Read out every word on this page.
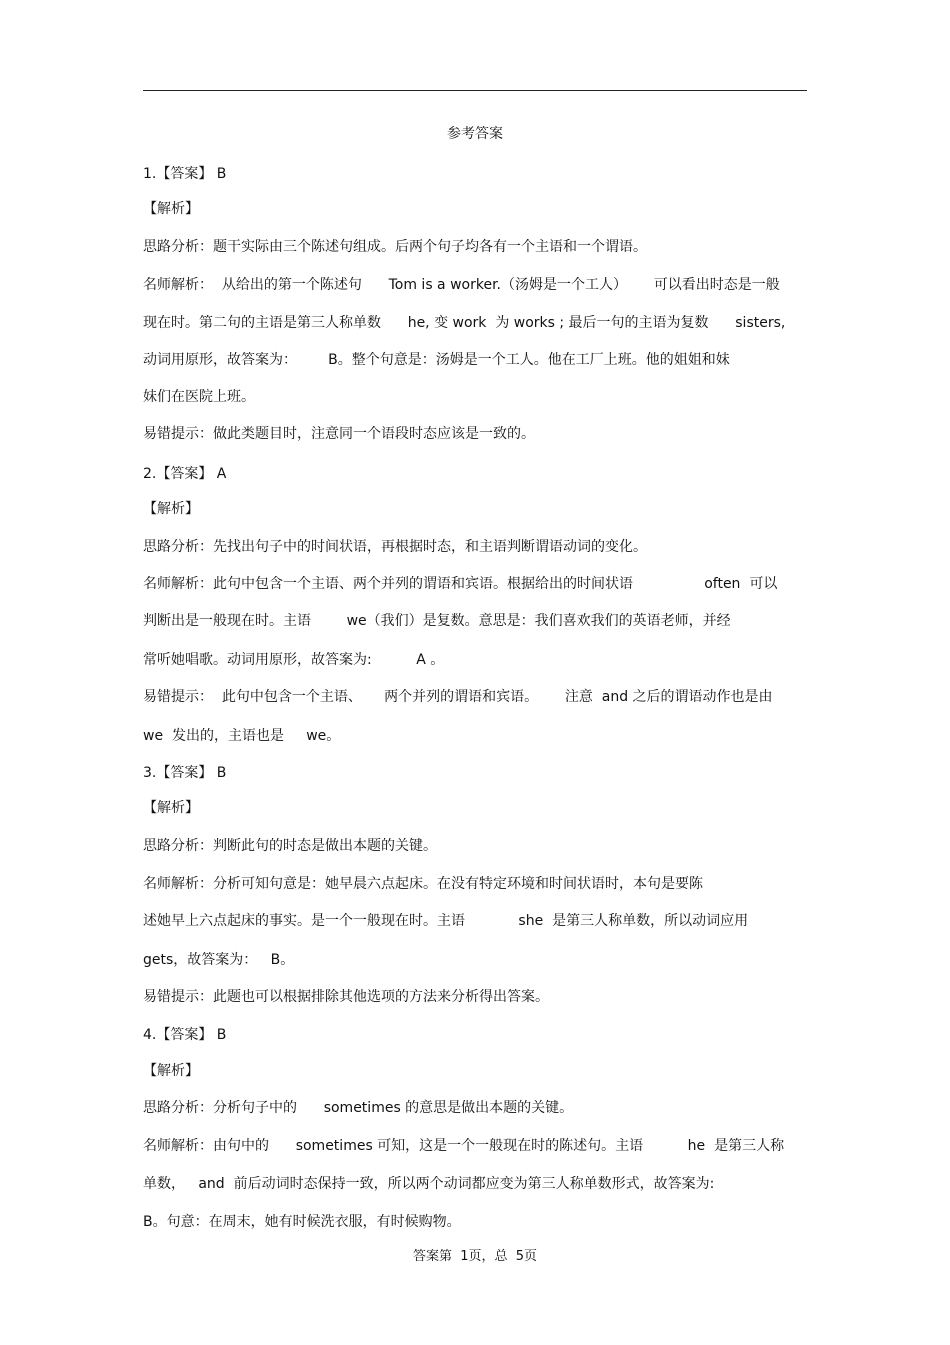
参考答案
1.【答案】 B
【解析】
思路分析：题干实际由三个陈述句组成。后两个句子均各有一个主语和一个谓语。
名师解析：  从给出的第一个陈述句      Tom is a worker.（汤姆是一个工人）      可以看出时态是一般
现在时。第二句的主语是第三人称单数      he, 变 work  为 works ; 最后一句的主语为复数      sisters,
动词用原形，故答案为：       B。整个句意是：汤姆是一个工人。他在工厂上班。他的姐姐和妹
妹们在医院上班。
易错提示：做此类题目时，注意同一个语段时态应该是一致的。
2.【答案】 A
【解析】
思路分析：先找出句子中的时间状语，再根据时态，和主语判断谓语动词的变化。
名师解析：此句中包含一个主语、两个并列的谓语和宾语。根据给出的时间状语                often  可以
判断出是一般现在时。主语        we（我们）是复数。意思是：我们喜欢我们的英语老师，并经
常听她唱歌。动词用原形，故答案为:          A 。
易错提示：  此句中包含一个主语、     两个并列的谓语和宾语。      注意  and 之后的谓语动作也是由
we  发出的，主语也是     we。
3.【答案】 B
【解析】
思路分析：判断此句的时态是做出本题的关键。
名师解析：分析可知句意是：她早晨六点起床。在没有特定环境和时间状语时，本句是要陈
述她早上六点起床的事实。是一个一般现在时。主语            she  是第三人称单数，所以动词应用
gets，故答案为：   B。
易错提示：此题也可以根据排除其他选项的方法来分析得出答案。
4.【答案】 B
【解析】
思路分析：分析句子中的      sometimes 的意思是做出本题的关键。
名师解析：由句中的      sometimes 可知，这是一个一般现在时的陈述句。主语          he  是第三人称
单数，   and  前后动词时态保持一致，所以两个动词都应变为第三人称单数形式，故答案为:
B。句意：在周末，她有时候洗衣服，有时候购物。
答案第  1页，总  5页
